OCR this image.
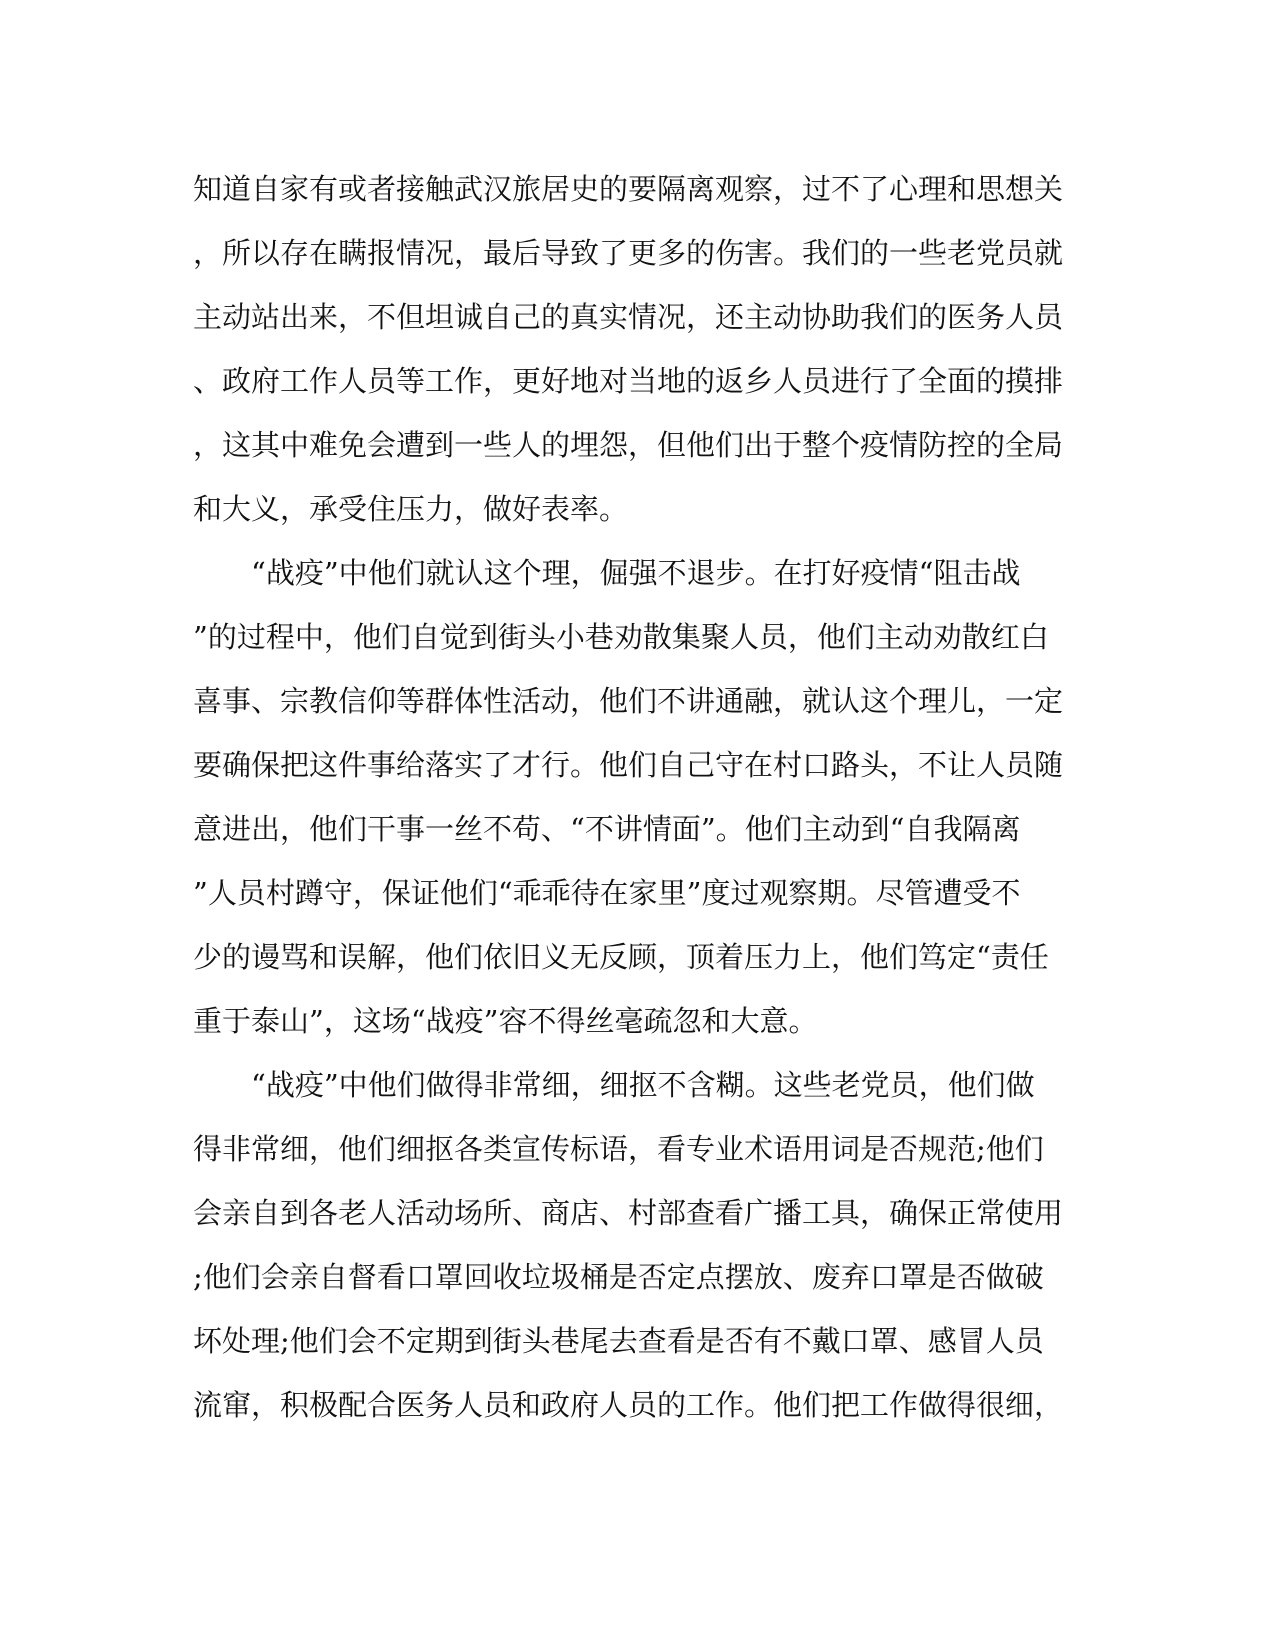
知道自家有或者接触武汉旅居史的要隔离观察，过不了心理和思想关
，所以存在瞒报情况，最后导致了更多的伤害。我们的一些老党员就
主动站出来，不但坦诚自己的真实情况，还主动协助我们的医务人员
、政府工作人员等工作，更好地对当地的返乡人员进行了全面的摸排
，这其中难免会遭到一些人的埋怨，但他们出于整个疫情防控的全局
和大义，承受住压力，做好表率。
“战疫”中他们就认这个理，倔强不退步。在打好疫情“阻击战
”的过程中，他们自觉到街头小巷劝散集聚人员，他们主动劝散红白
喜事、宗教信仰等群体性活动，他们不讲通融，就认这个理儿，一定
要确保把这件事给落实了才行。他们自己守在村口路头，不让人员随
意进出，他们干事一丝不苟、“不讲情面”。他们主动到“自我隔离
”人员村蹲守，保证他们“乖乖待在家里”度过观察期。尽管遭受不
少的谩骂和误解，他们依旧义无反顾，顶着压力上，他们笃定“责任
重于泰山”，这场“战疫”容不得丝毫疏忽和大意。
“战疫”中他们做得非常细，细抠不含糊。这些老党员，他们做
得非常细，他们细抠各类宣传标语，看专业术语用词是否规范;他们
会亲自到各老人活动场所、商店、村部查看广播工具，确保正常使用
;他们会亲自督看口罩回收垃圾桶是否定点摆放、废弃口罩是否做破
坏处理;他们会不定期到街头巷尾去查看是否有不戴口罩、感冒人员
流窜，积极配合医务人员和政府人员的工作。他们把工作做得很细，
